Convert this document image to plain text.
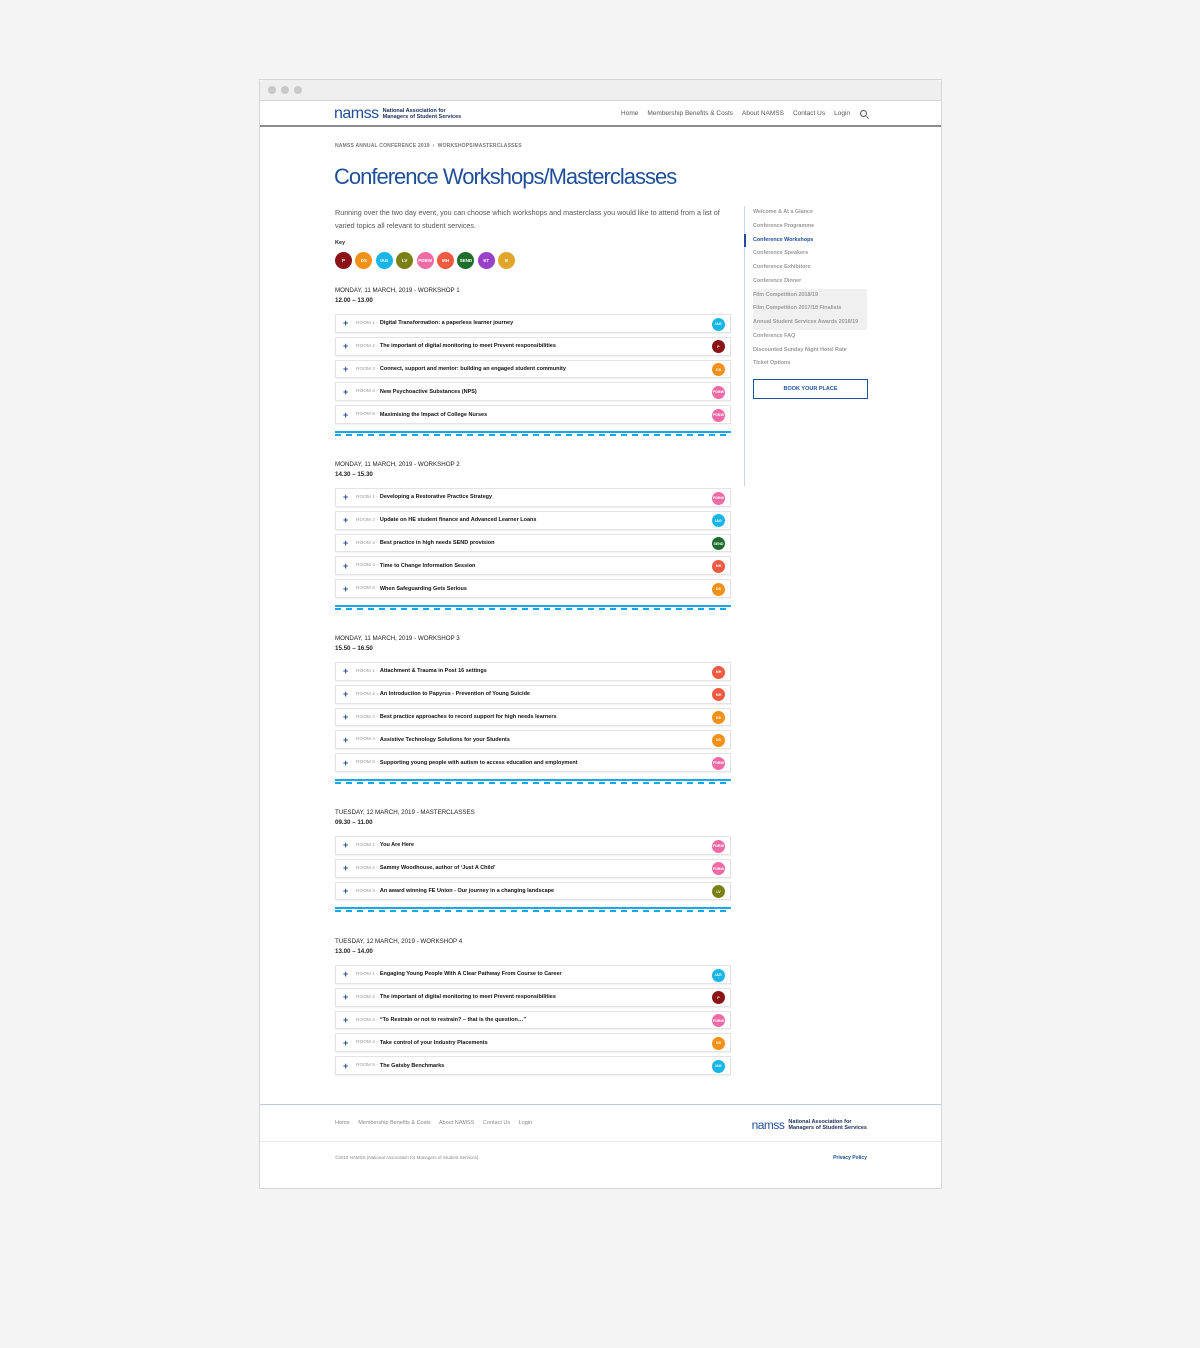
namss National Association for
Managers of Student Services	Home Membership Benefits & Costs About NAMSS Contact Us Login
NAMSS ANNUAL CONFERENCE 2019 › WORKSHOPS/MASTERCLASSES
Conference Workshops/Masterclasses

Running over the two day event, you can choose which workshops and masterclass you would like to attend from a list of varied topics all relevant to student services.

Key
P	DS	IAG	LV	PDBW	MH	SEND	ET	E
MONDAY, 11 MARCH, 2019 - WORKSHOP 1
12.00 – 13.00
+	ROOM 1 - Digital Transformation: a paperless learner journey	IAG
+	ROOM 2 - The important of digital monitoring to meet Prevent responsibilities	P
+	ROOM 3 - Connect, support and mentor: building an engaged student community	DS
+	ROOM 4 - New Psychoactive Substances (NPS)	PDBW
+	ROOM 5 - Maximising the Impact of College Nurses	PDBW
MONDAY, 11 MARCH, 2019 - WORKSHOP 2
14.30 – 15.30
+	ROOM 1 - Developing a Restorative Practice Strategy	PDBW
+	ROOM 2 - Update on HE student finance and Advanced Learner Loans	IAG
+	ROOM 3 - Best practice in high needs SEND provision	SEND
+	ROOM 4 - Time to Change Information Session	MH
+	ROOM 5 - When Safeguarding Gets Serious	DS
MONDAY, 11 MARCH, 2019 - WORKSHOP 3
15.50 – 16.50
+	ROOM 1 - Attachment & Trauma in Post 16 settings	MH
+	ROOM 2 - An Introduction to Papyrus - Prevention of Young Suicide	MH
+	ROOM 3 - Best practice approaches to record support for high needs learners	DS
+	ROOM 4 - Assistive Technology Solutions for your Students	DS
+	ROOM 5 - Supporting young people with autism to access education and employment	PDBW
TUESDAY, 12 MARCH, 2019 - MASTERCLASSES
09.30 – 11.00
+	ROOM 1 - You Are Here	PDBW
+	ROOM 2 - Sammy Woodhouse, author of ‘Just A Child’	PDBW
+	ROOM 3 - An award winning FE Union - Our journey in a changing landscape	LV
TUESDAY, 12 MARCH, 2019 - WORKSHOP 4
13.00 – 14.00
+	ROOM 1 - Engaging Young People With A Clear Pathway From Course to Career	IAG
+	ROOM 2 - The important of digital monitoring to meet Prevent responsibilities	P
+	ROOM 3 - “To Restrain or not to restrain? – that is the question…”	PDBW
+	ROOM 4 - Take control of your Industry Placements	DS
+	ROOM 5 - The Gatsby Benchmarks	IAG
Welcome & At a Glance
Conference Programme
Conference Workshops
Conference Speakers
Conference Exhibitors
Conference Dinner
Film Competition 2018/19
Film Competition 2017/18 Finalists
Annual Student Services Awards 2018/19
Conference FAQ
Discounted Sunday Night Hotel Rate
Ticket Options
BOOK YOUR PLACE
Home Membership Benefits & Costs About NAMSS Contact Us Login	namss National Association for
Managers of Student Services
©2019 NAMSS (National Association for Managers of Student Services).	Privacy Policy
